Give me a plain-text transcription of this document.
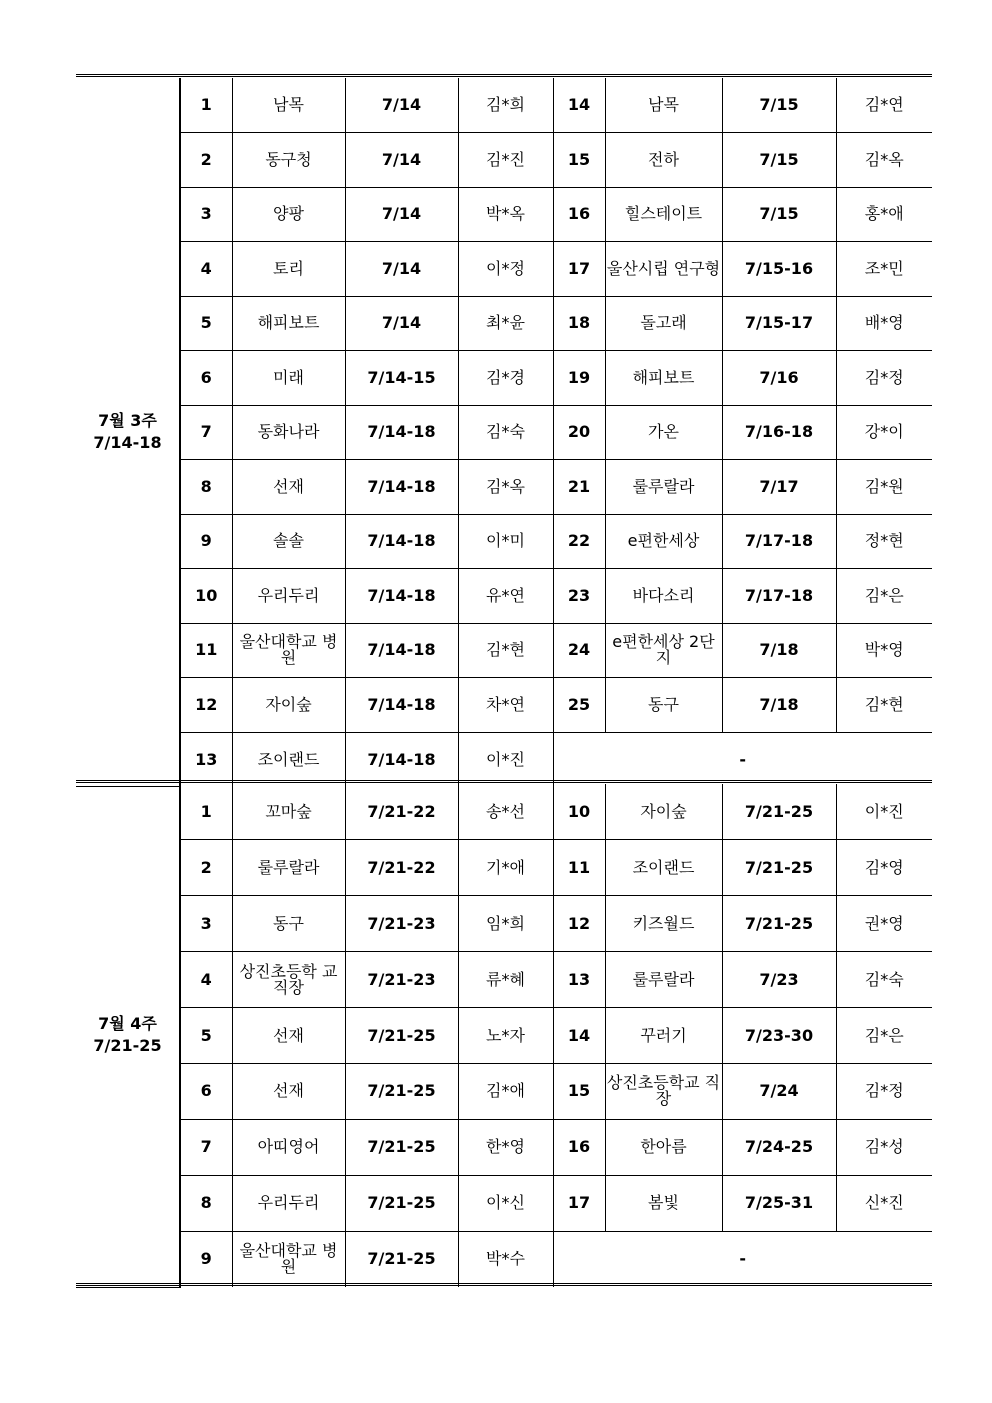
7월 3주
7/14-18	1	남목	7/14	김*희	14	남목	7/15	김*연
	2	동구청	7/14	김*진	15	전하	7/15	김*옥
	3	양팡	7/14	박*옥	16	힐스테이트	7/15	홍*애
	4	토리	7/14	이*정	17	울산시립 연구형	7/15-16	조*민
	5	해피보트	7/14	최*윤	18	돌고래	7/15-17	배*영
	6	미래	7/14-15	김*경	19	해피보트	7/16	김*정
	7	동화나라	7/14-18	김*숙	20	가온	7/16-18	강*이
	8	선재	7/14-18	김*옥	21	룰루랄라	7/17	김*원
	9	솔솔	7/14-18	이*미	22	e편한세상	7/17-18	정*현
	10	우리두리	7/14-18	유*연	23	바다소리	7/17-18	김*은
	11	울산대학교 병원	7/14-18	김*현	24	e편한세상 2단지	7/18	박*영
	12	자이숲	7/14-18	차*연	25	동구	7/18	김*현
	13	조이랜드	7/14-18	이*진	-			
7월 4주
7/21-25	1	꼬마숲	7/21-22	송*선	10	자이숲	7/21-25	이*진
	2	룰루랄라	7/21-22	기*애	11	조이랜드	7/21-25	김*영
	3	동구	7/21-23	임*희	12	키즈월드	7/21-25	권*영
	4	상진초등학 교직장	7/21-23	류*혜	13	룰루랄라	7/23	김*숙
	5	선재	7/21-25	노*자	14	꾸러기	7/23-30	김*은
	6	선재	7/21-25	김*애	15	상진초등학교 직장	7/24	김*정
	7	아띠영어	7/21-25	한*영	16	한아름	7/24-25	김*성
	8	우리두리	7/21-25	이*신	17	봄빛	7/25-31	신*진
	9	울산대학교 병원	7/21-25	박*수	-			
